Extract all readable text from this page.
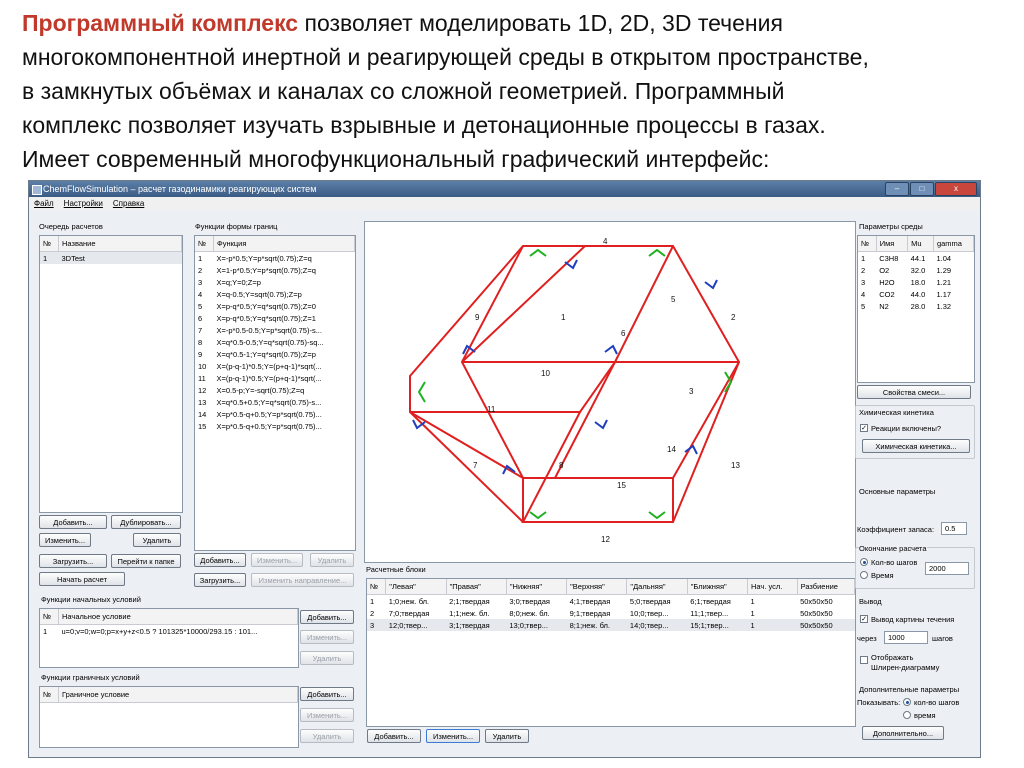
Программный комплекс позволяет моделировать 1D, 2D, 3D течения
многокомпонентной инертной и реагирующей среды в открытом пространстве,
в замкнутых объёмах и каналах со сложной геометрией. Программный
комплекс позволяет изучать взрывные и детонационные процессы в газах.
Имеет современный многофункциональный графический интерфейс:
ChemFlowSimulation – расчет газодинамики реагирующих систем	–	□	x
Файл Настройки Справка
Очередь расчетов
№	Название
1	3DTest
Добавить...	Дублировать...
Изменить...	Удалить
Загрузить...	Перейти к папке
Начать расчет
Функции формы границ
№	Функция
1	X=-p*0.5;Y=p*sqrt(0.75);Z=q
2	X=1-p*0.5;Y=p*sqrt(0.75);Z=q
3	X=q;Y=0;Z=p
4	X=q-0.5;Y=sqrt(0.75);Z=p
5	X=p-q*0.5;Y=q*sqrt(0.75);Z=0
6	X=p-q*0.5;Y=q*sqrt(0.75);Z=1
7	X=-p*0.5-0.5;Y=p*sqrt(0.75)-s...
8	X=q*0.5-0.5;Y=q*sqrt(0.75)-sq...
9	X=q*0.5-1;Y=q*sqrt(0.75);Z=p
10	X=(p-q-1)*0.5;Y=(p+q-1)*sqrt(...
11	X=(p-q-1)*0.5;Y=(p+q-1)*sqrt(...
12	X=0.5-p;Y=-sqrt(0.75);Z=q
13	X=q*0.5+0.5;Y=q*sqrt(0.75)-s...
14	X=p*0.5-q+0.5;Y=p*sqrt(0.75)...
15	X=p*0.5-q+0.5;Y=p*sqrt(0.75)...
Добавить...	Изменить...	Удалить
Загрузить...	Изменить направление...
Функции начальных условий
№	Начальное условие
1	u=0;v=0;w=0;p=x+y+z<0.5 ? 101325*10000/293.15 : 101...
Добавить...
Изменить...
Удалить
Функции граничных условий
№	Граничное условие	Добавить...
Изменить...
Удалить
4
5
9	1	2
6
10
3
11
14
7	8	13
15
12
Расчетные блоки
№	"Левая"	"Правая"	"Нижняя"	"Верхняя"	"Дальняя"	"Ближняя"	Нач. усл.	Разбиение
1	1;0;неж. бл.	2;1;твердая	3;0;твердая	4;1;твердая	5;0;твердая	6;1;твердая	1	50x50x50
2	7;0;твердая	1;1;неж. бл.	8;0;неж. бл.	9;1;твердая	10;0;твер...	11;1;твер...	1	50x50x50
3	12;0;твер...	3;1;твердая	13;0;твер...	8;1;неж. бл.	14;0;твер...	15;1;твер...	1	50x50x50
Добавить...	Изменить...	Удалить
Параметры среды
№	Имя	Mu	gamma
1	C3H8	44.1	1.04
2	O2	32.0	1.29
3	H2O	18.0	1.21
4	CO2	44.0	1.17
5	N2	28.0	1.32
Свойства смеси...
Химическая кинетика
✓ Реакции включены?
Химическая кинетика...
Основные параметры
Коэффициент запаса:	0.5
Окончание расчета
Кол-во шагов
2000
Время
Вывод
✓ Вывод картины течения
через	1000	шагов
Отображать
Шлирен-диаграмму
Дополнительные параметры
Показывать: кол-во шагов
время
Дополнительно...
